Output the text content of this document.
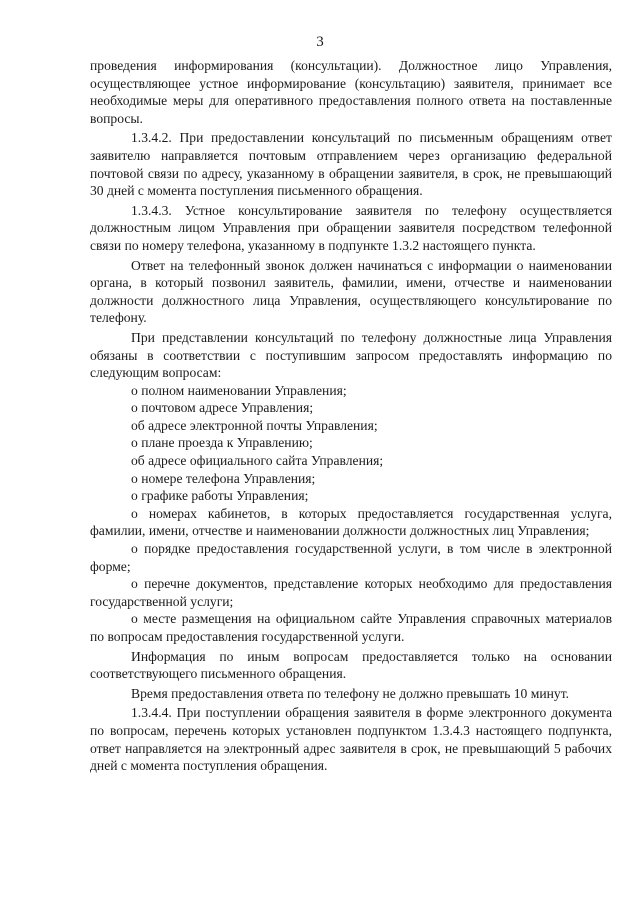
3

проведения информирования (консультации). Должностное лицо Управления, осуществляющее устное информирование (консультацию) заявителя, принимает все необходимые меры для оперативного предоставления полного ответа на поставленные вопросы.

1.3.4.2. При предоставлении консультаций по письменным обращениям ответ заявителю направляется почтовым отправлением через организацию федеральной почтовой связи по адресу, указанному в обращении заявителя, в срок, не превышающий 30 дней с момента поступления письменного обращения.

1.3.4.3. Устное консультирование заявителя по телефону осуществляется должностным лицом Управления при обращении заявителя посредством телефонной связи по номеру телефона, указанному в подпункте 1.3.2 настоящего пункта.

Ответ на телефонный звонок должен начинаться с информации о наименовании органа, в который позвонил заявитель, фамилии, имени, отчестве и наименовании должности должностного лица Управления, осуществляющего консультирование по телефону.

При представлении консультаций по телефону должностные лица Управления обязаны в соответствии с поступившим запросом предоставлять информацию по следующим вопросам:

о полном наименовании Управления;

о почтовом адресе Управления;

об адресе электронной почты Управления;

о плане проезда к Управлению;

об адресе официального сайта Управления;

о номере телефона Управления;

о графике работы Управления;

о номерах кабинетов, в которых предоставляется государственная услуга, фамилии, имени, отчестве и наименовании должности должностных лиц Управления;

о порядке предоставления государственной услуги, в том числе в электронной форме;

о перечне документов, представление которых необходимо для предоставления государственной услуги;

о месте размещения на официальном сайте Управления справочных материалов по вопросам предоставления государственной услуги.

Информация по иным вопросам предоставляется только на основании соответствующего письменного обращения.

Время предоставления ответа по телефону не должно превышать 10 минут.

1.3.4.4. При поступлении обращения заявителя в форме электронного документа по вопросам, перечень которых установлен подпунктом 1.3.4.3 настоящего подпункта, ответ направляется на электронный адрес заявителя в срок, не превышающий 5 рабочих дней с момента поступления обращения.
